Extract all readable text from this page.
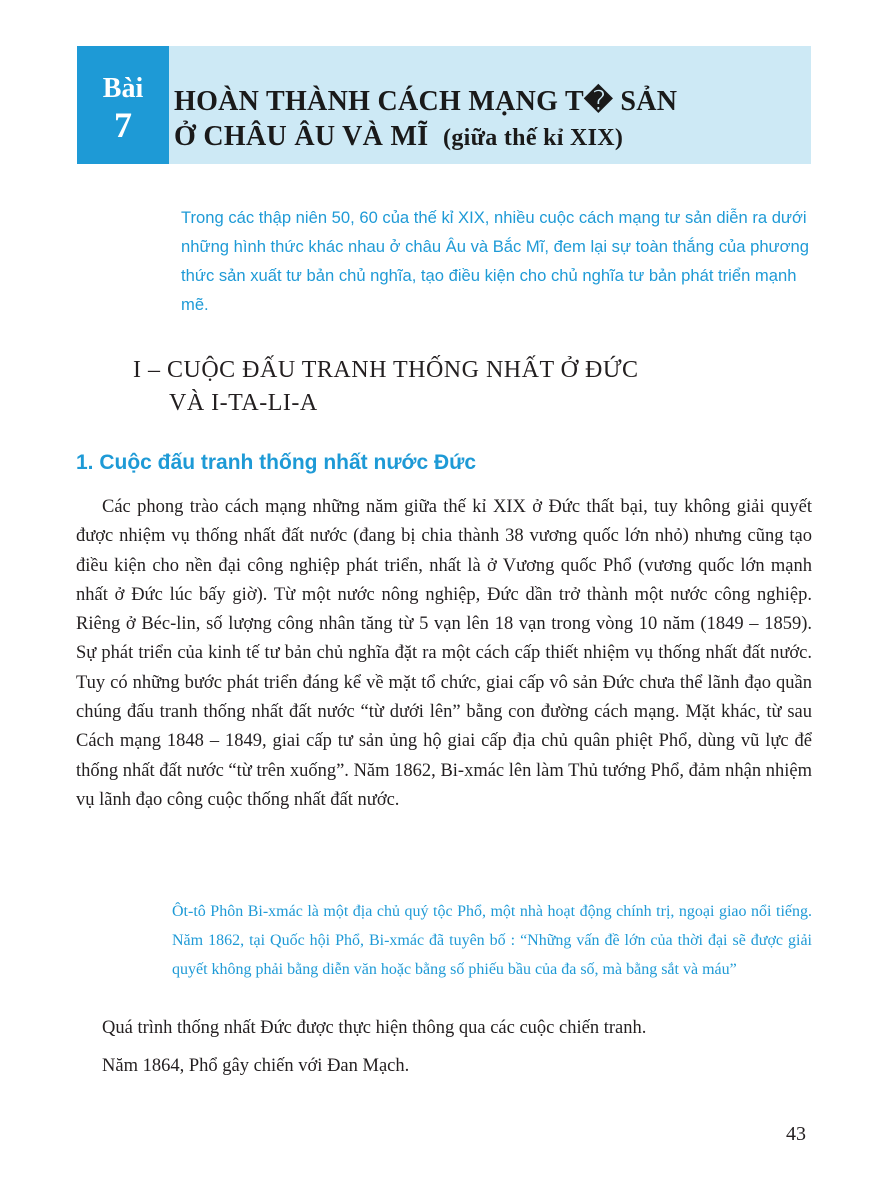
Bài
7
HOÀN THÀNH CÁCH MẠNG T� SẢN
Ở CHÂU ÂU VÀ MĨ (giữa thế kỉ XIX)

Trong các thập niên 50, 60 của thế kỉ XIX, nhiều cuộc cách mạng tư sản diễn ra dưới những hình thức khác nhau ở châu Âu và Bắc Mĩ, đem lại sự toàn thắng của phương thức sản xuất tư bản chủ nghĩa, tạo điều kiện cho chủ nghĩa tư bản phát triển mạnh mẽ.

I – CUỘC ĐẤU TRANH THỐNG NHẤT Ở ĐỨC
VÀ I-TA-LI-A
1. Cuộc đấu tranh thống nhất nước Đức

Các phong trào cách mạng những năm giữa thế kỉ XIX ở Đức thất bại, tuy không giải quyết được nhiệm vụ thống nhất đất nước (đang bị chia thành 38 vương quốc lớn nhỏ) nhưng cũng tạo điều kiện cho nền đại công nghiệp phát triển, nhất là ở Vương quốc Phổ (vương quốc lớn mạnh nhất ở Đức lúc bấy giờ). Từ một nước nông nghiệp, Đức dần trở thành một nước công nghiệp. Riêng ở Béc-lin, số lượng công nhân tăng từ 5 vạn lên 18 vạn trong vòng 10 năm (1849 – 1859). Sự phát triển của kinh tế tư bản chủ nghĩa đặt ra một cách cấp thiết nhiệm vụ thống nhất đất nước. Tuy có những bước phát triển đáng kể về mặt tổ chức, giai cấp vô sản Đức chưa thể lãnh đạo quần chúng đấu tranh thống nhất đất nước “từ dưới lên” bằng con đường cách mạng. Mặt khác, từ sau Cách mạng 1848 – 1849, giai cấp tư sản ủng hộ giai cấp địa chủ quân phiệt Phổ, dùng vũ lực để thống nhất đất nước “từ trên xuống”. Năm 1862, Bi-xmác lên làm Thủ tướng Phổ, đảm nhận nhiệm vụ lãnh đạo công cuộc thống nhất đất nước.

Ôt-tô Phôn Bi-xmác là một địa chủ quý tộc Phổ, một nhà hoạt động chính trị, ngoại giao nổi tiếng. Năm 1862, tại Quốc hội Phổ, Bi-xmác đã tuyên bố : “Những vấn đề lớn của thời đại sẽ được giải quyết không phải bằng diễn văn hoặc bằng số phiếu bầu của đa số, mà bằng sắt và máu”

Quá trình thống nhất Đức được thực hiện thông qua các cuộc chiến tranh.

Năm 1864, Phổ gây chiến với Đan Mạch.

43
